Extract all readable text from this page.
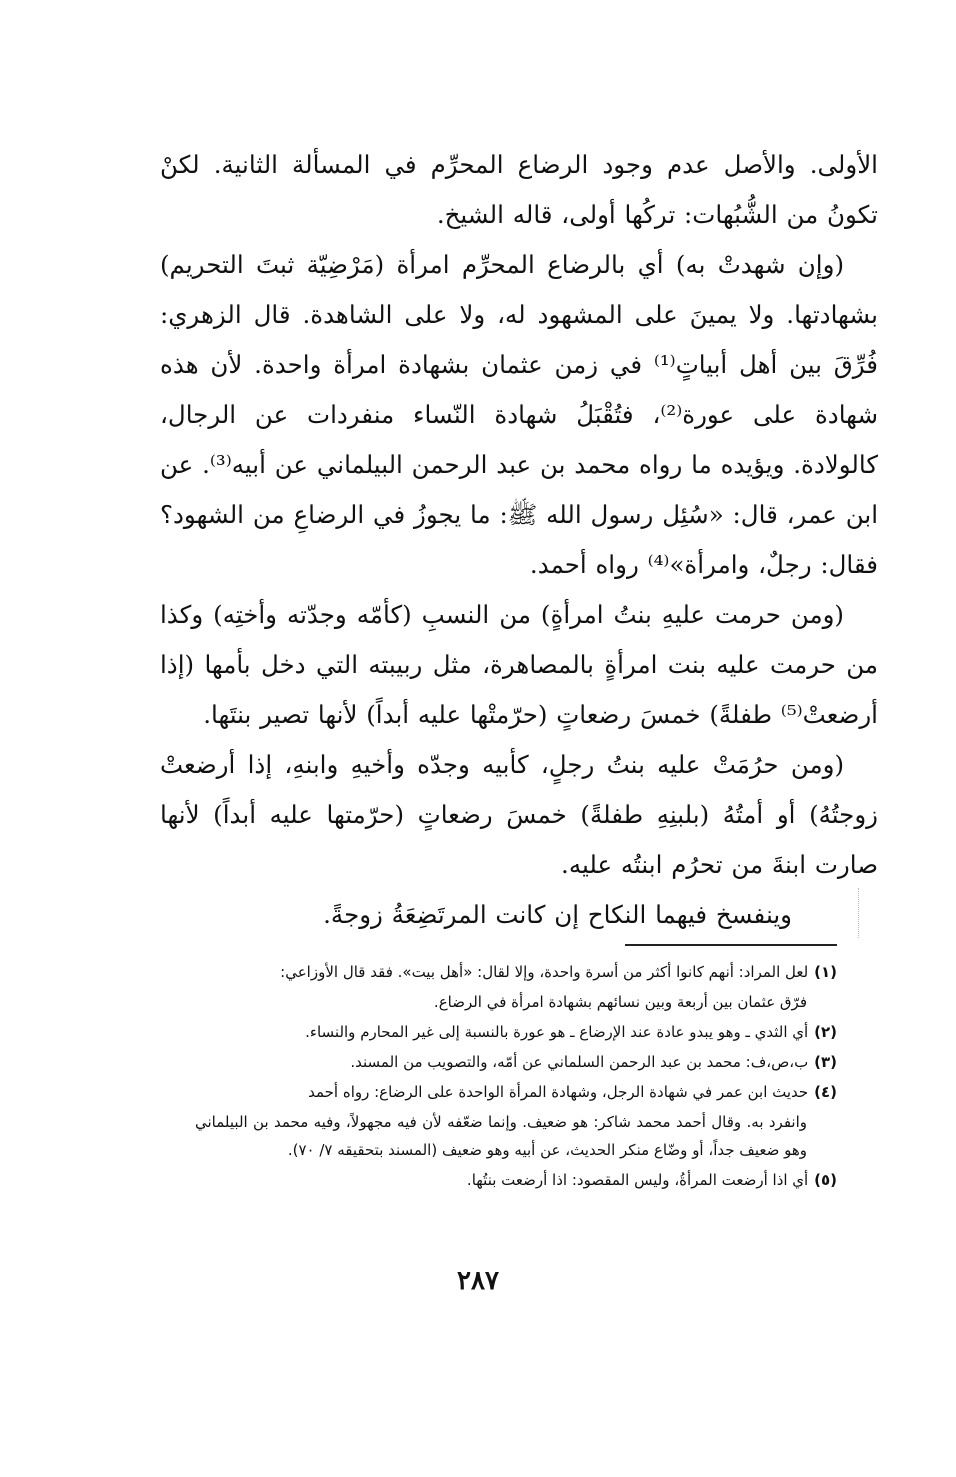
الأولى. والأصل عدم وجود الرضاع المحرِّم في المسألة الثانية. لكنْ تكونُ من الشُّبُهات: تركُها أولى، قاله الشيخ.

(وإن شهدتْ به) أي بالرضاع المحرِّم امرأة (مَرْضِيّة ثبتَ التحريم) بشهادتها. ولا يمينَ على المشهود له، ولا على الشاهدة. قال الزهري: فُرِّقَ بين أهل أبياتٍ⁽¹⁾ في زمن عثمان بشهادة امرأة واحدة. لأن هذه شهادة على عورة⁽²⁾، فتُقْبَلُ شهادة النّساء منفردات عن الرجال، كالولادة. ويؤيده ما رواه محمد بن عبد الرحمن البيلماني عن أبيه⁽³⁾. عن ابن عمر، قال: «سُئِل رسول الله ﷺ: ما يجوزُ في الرضاعِ من الشهود؟ فقال: رجلٌ، وامرأة»⁽⁴⁾ رواه أحمد.

(ومن حرمت عليهِ بنتُ امرأةٍ) من النسبِ (كأمّه وجدّته وأختِه) وكذا من حرمت عليه بنت امرأةٍ بالمصاهرة، مثل ربيبته التي دخل بأمها (إذا أرضعتْ⁽⁵⁾ طفلةً) خمسَ رضعاتٍ (حرّمتْها عليه أبداً) لأنها تصير بنتَها.

(ومن حرُمَتْ عليه بنتُ رجلٍ، كأبيه وجدّه وأخيهِ وابنهِ، إذا أرضعتْ زوجتُهُ) أو أمتُهُ (بلبنِهِ طفلةً) خمسَ رضعاتٍ (حرّمتها عليه أبداً) لأنها صارت ابنةَ من تحرُم ابنتُه عليه.

وينفسخ فيهما النكاح إن كانت المرتَضِعَةُ زوجةً.

(١) لعل المراد: أنهم كانوا أكثر من أسرة واحدة، وإلا لقال: «أهل بيت». فقد قال الأوزاعي:

فرّق عثمان بين أربعة وبين نسائهم بشهادة امرأة في الرضاع.

(٢) أي الثدي ـ وهو يبدو عادة عند الإرضاع ـ هو عورة بالنسبة إلى غير المحارم والنساء.

(٣) ب،ص،ف: محمد بن عبد الرحمن السلماني عن أمّه، والتصويب من المسند.

(٤) حديث ابن عمر في شهادة الرجل، وشهادة المرأة الواحدة على الرضاع: رواه أحمد

وانفرد به. وقال أحمد محمد شاكر: هو ضعيف. وإنما ضعّفه لأن فيه مجهولاً، وفيه محمد بن البيلماني وهو ضعيف جداً، أو وضّاع منكر الحديث، عن أبيه وهو ضعيف (المسند بتحقيقه ٧/ ٧٠).

(٥) أي اذا أرضعت المرأةُ، وليس المقصود: اذا أرضعت بنتُها.

٢٨٧
